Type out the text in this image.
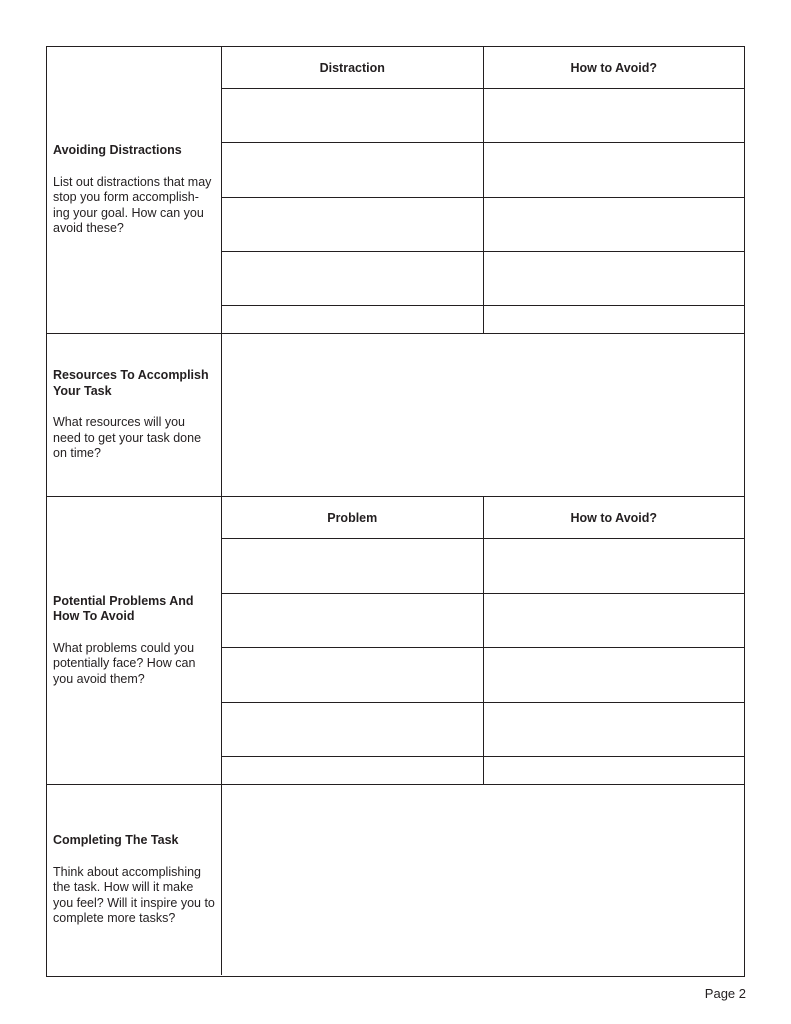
Avoiding Distractions
List out distractions that may stop you form accomplish-
ing your goal. How can you avoid these?
Distraction	How to Avoid?

Resources To Accomplish Your Task
What resources will you need to get your task done on time?
Potential Problems And How To Avoid
What problems could you potentially face? How can you avoid them?
Problem	How to Avoid?

Completing The Task
Think about accomplishing the task. How will it make you feel? Will it inspire you to complete more tasks?
Page 2
